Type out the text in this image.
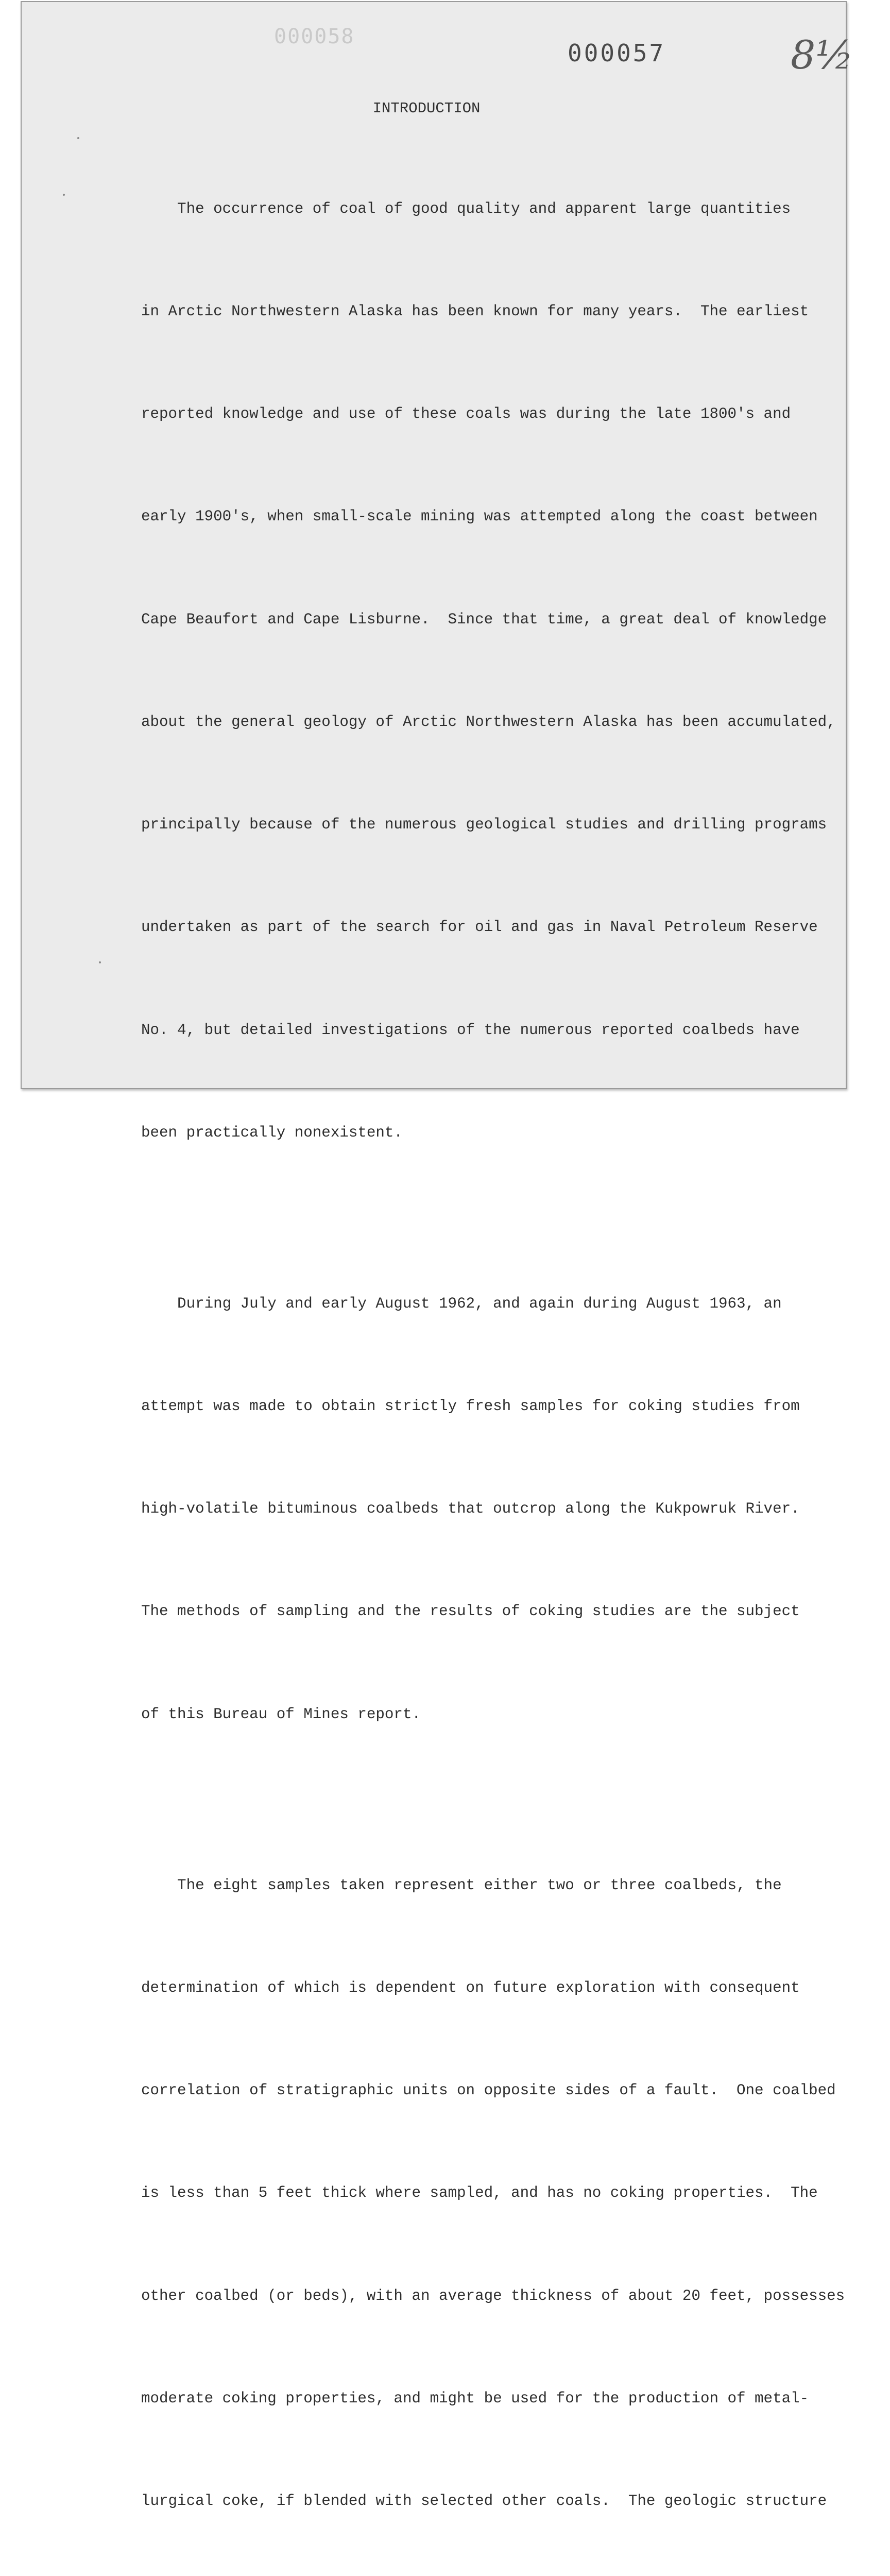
000058
000057	8½
INTRODUCTION

The occurrence of coal of good quality and apparent large quantities

in Arctic Northwestern Alaska has been known for many years.  The earliest

reported knowledge and use of these coals was during the late 1800's and

early 1900's, when small-scale mining was attempted along the coast between

Cape Beaufort and Cape Lisburne.  Since that time, a great deal of knowledge

about the general geology of Arctic Northwestern Alaska has been accumulated,

principally because of the numerous geological studies and drilling programs

undertaken as part of the search for oil and gas in Naval Petroleum Reserve

No. 4, but detailed investigations of the numerous reported coalbeds have

been practically nonexistent.

During July and early August 1962, and again during August 1963, an

attempt was made to obtain strictly fresh samples for coking studies from

high-volatile bituminous coalbeds that outcrop along the Kukpowruk River.

The methods of sampling and the results of coking studies are the subject

of this Bureau of Mines report.

The eight samples taken represent either two or three coalbeds, the

determination of which is dependent on future exploration with consequent

correlation of stratigraphic units on opposite sides of a fault.  One coalbed

is less than 5 feet thick where sampled, and has no coking properties.  The

other coalbed (or beds), with an average thickness of about 20 feet, possesses

moderate coking properties, and might be used for the production of metal-

lurgical coke, if blended with selected other coals.  The geologic structure
